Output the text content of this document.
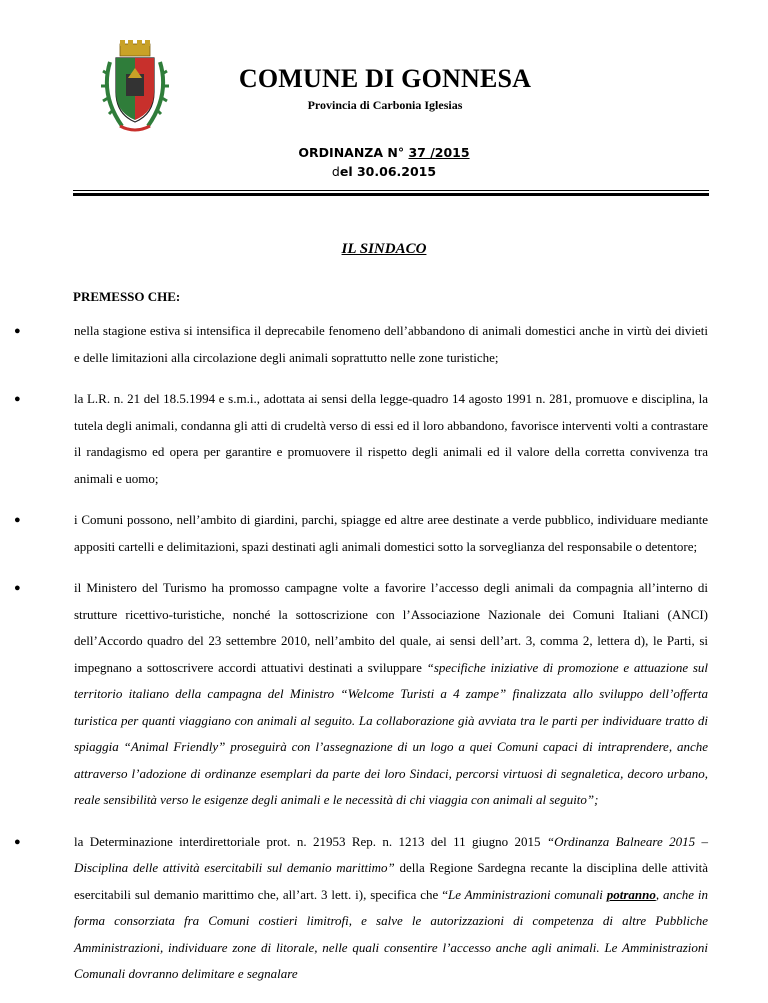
COMUNE DI GONNESA
Provincia di Carbonia Iglesias
ORDINANZA N° 37 /2015
del 30.06.2015
IL SINDACO
PREMESSO CHE:
●	nella stagione estiva si intensifica il deprecabile fenomeno dell’abbandono di animali domestici anche in virtù dei divieti e delle limitazioni alla circolazione degli animali soprattutto nelle zone turistiche;
●	la L.R. n. 21 del 18.5.1994 e s.m.i., adottata ai sensi della legge-quadro 14 agosto 1991 n. 281, promuove e disciplina, la tutela degli animali, condanna gli atti di crudeltà verso di essi ed il loro abbandono, favorisce interventi volti a contrastare il randagismo ed opera per garantire e promuovere il rispetto degli animali ed il valore della corretta convivenza tra animali e uomo;
●	i Comuni possono, nell’ambito di giardini, parchi, spiagge ed altre aree destinate a verde pubblico, individuare mediante appositi cartelli e delimitazioni, spazi destinati agli animali domestici sotto la sorveglianza del responsabile o detentore;
●	il Ministero del Turismo ha promosso campagne volte a favorire l’accesso degli animali da compagnia all’interno di strutture ricettivo-turistiche, nonché la sottoscrizione con l’Associazione Nazionale dei Comuni Italiani (ANCI) dell’Accordo quadro del 23 settembre 2010, nell’ambito del quale, ai sensi dell’art. 3, comma 2, lettera d), le Parti, si impegnano a sottoscrivere accordi attuativi destinati a sviluppare “specifiche iniziative di promozione e attuazione sul territorio italiano della campagna del Ministro “Welcome Turisti a 4 zampe” finalizzata allo sviluppo dell’offerta turistica per quanti viaggiano con animali al seguito. La collaborazione già avviata tra le parti per individuare tratto di spiaggia “Animal Friendly” proseguirà con l’assegnazione di un logo a quei Comuni capaci di intraprendere, anche attraverso l’adozione di ordinanze esemplari da parte dei loro Sindaci, percorsi virtuosi di segnaletica, decoro urbano, reale sensibilità verso le esigenze degli animali e le necessità di chi viaggia con animali al seguito”;
●	la Determinazione interdirettoriale prot. n. 21953 Rep. n. 1213 del 11 giugno 2015 “Ordinanza Balneare 2015 – Disciplina delle attività esercitabili sul demanio marittimo” della Regione Sardegna recante la disciplina delle attività esercitabili sul demanio marittimo che, all’art. 3 lett. i), specifica che “Le Amministrazioni comunali potranno, anche in forma consorziata fra Comuni costieri limitrofi, e salve le autorizzazioni di competenza di altre Pubbliche Amministrazioni, individuare zone di litorale, nelle quali consentire l’accesso anche agli animali. Le Amministrazioni Comunali dovranno delimitare e segnalare
